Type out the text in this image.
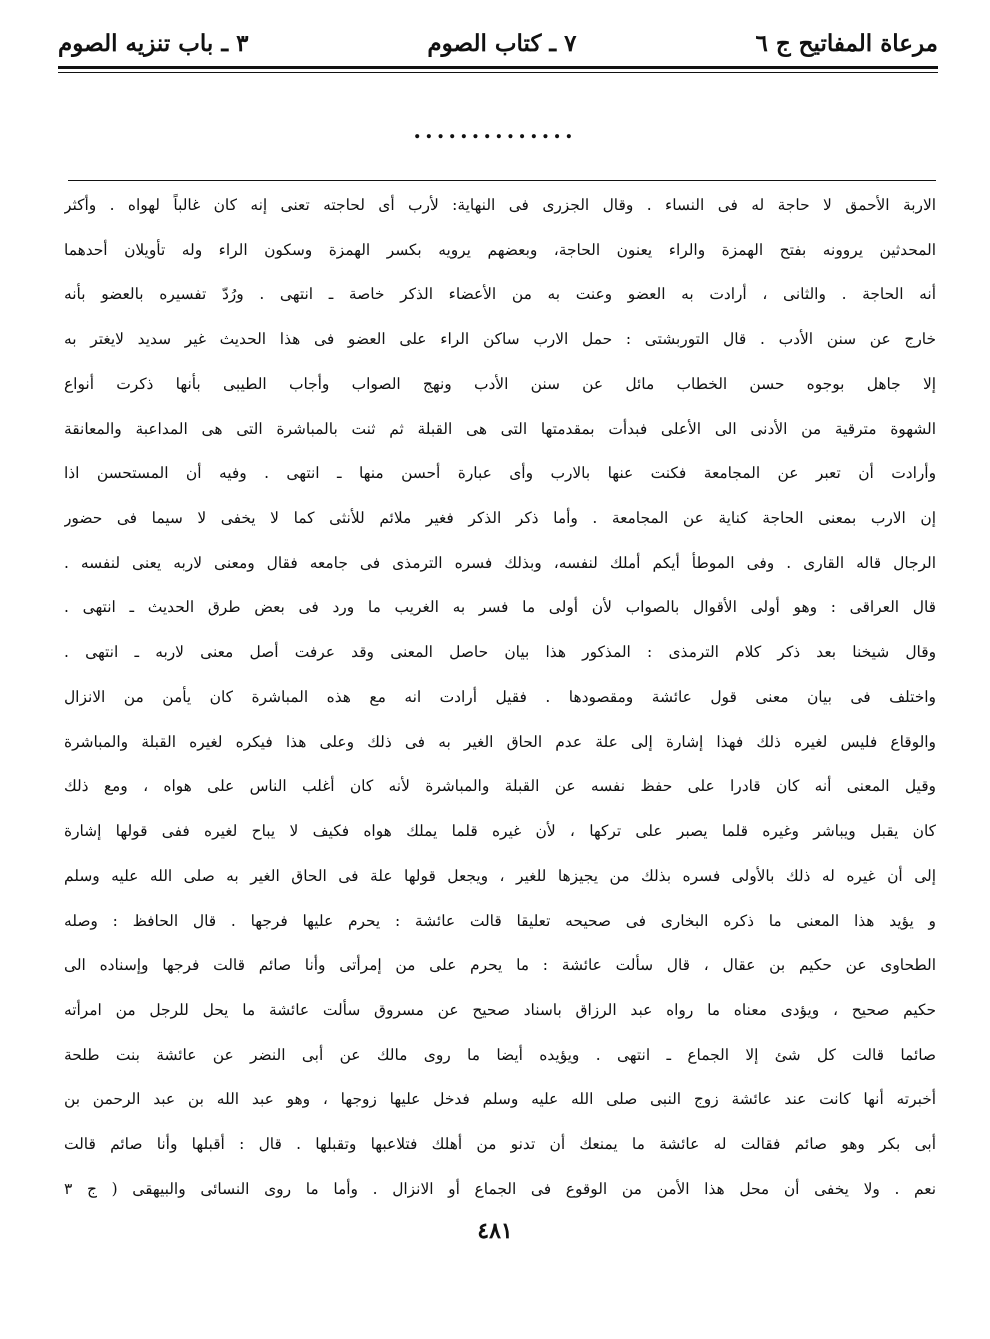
مرعاة المفاتيح ج ٦
٧ ـ كتاب الصوم
٣ ـ باب تنزيه الصوم
..............
الاربة الأحمق لا حاجة له فى النساء . وقال الجزرى فى النهاية: لأرب أى لحاجته تعنى إنه كان غالباً لهواه . وأكثر
المحدثين يروونه بفتح الهمزة والراء يعنون الحاجة، وبعضهم يرويه بكسر الهمزة وسكون الراء وله تأويلان أحدهما
أنه الحاجة . والثانى ، أرادت به العضو وعنت به من الأعضاء الذكر خاصة ـ انتهى . ورُدّ تفسيره بالعضو بأنه
خارج عن سنن الأدب . قال التوربشتى : حمل الارب ساكن الراء على العضو فى هذا الحديث غير سديد لايغتر به
إلا جاهل بوجوه حسن الخطاب مائل عن سنن الأدب ونهج الصواب وأجاب الطيبى بأنها ذكرت أنواع
الشهوة مترقية من الأدنى الى الأعلى فبدأت بمقدمتها التى هى القبلة ثم ثنت بالمباشرة التى هى المداعبة والمعانقة
وأرادت أن تعبر عن المجامعة فكنت عنها بالارب وأى عبارة أحسن منها ـ انتهى . وفيه أن المستحسن اذا
إن الارب بمعنى الحاجة كناية عن المجامعة . وأما ذكر الذكر فغير ملائم للأنثى كما لا يخفى لا سيما فى حضور
الرجال قاله القارى . وفى الموطأ أيكم أملك لنفسه، وبذلك فسره الترمذى فى جامعه فقال ومعنى لاربه يعنى لنفسه .
قال العراقى : وهو أولى الأقوال بالصواب لأن أولى ما فسر به الغريب ما ورد فى بعض طرق الحديث ـ انتهى .
وقال شيخنا بعد ذكر كلام الترمذى : المذكور هذا بيان حاصل المعنى وقد عرفت أصل معنى لاربه ـ انتهى .
واختلف فى بيان معنى قول عائشة ومقصودها . فقيل أرادت انه مع هذه المباشرة كان يأمن من الانزال
والوقاع فليس لغيره ذلك فهذا إشارة إلى علة عدم الحاق الغير به فى ذلك وعلى هذا فيكره لغيره القبلة والمباشرة
وقيل المعنى أنه كان قادرا على حفظ نفسه عن القبلة والمباشرة لأنه كان أغلب الناس على هواه ، ومع ذلك
كان يقبل ويباشر وغيره قلما يصبر على تركها ، لأن غيره قلما يملك هواه فكيف لا يباح لغيره ففى قولها إشارة
إلى أن غيره له ذلك بالأولى فسره بذلك من يجيزها للغير ، ويجعل قولها علة فى الحاق الغير به صلى الله عليه وسلم
و يؤيد هذا المعنى ما ذكره البخارى فى صحيحه تعليقا قالت عائشة : يحرم عليها فرجها . قال الحافظ : وصله
الطحاوى عن حكيم بن عقال ، قال سألت عائشة : ما يحرم على من إمرأتى وأنا صائم قالت فرجها وإسناده الى
حكيم صحيح ، ويؤدى معناه ما رواه عبد الرزاق باسناد صحيح عن مسروق سألت عائشة ما يحل للرجل من امرأته
صائما قالت كل شئ إلا الجماع ـ انتهى . ويؤيده أيضا ما روى مالك عن أبى النضر عن عائشة بنت طلحة
أخبرته أنها كانت عند عائشة زوج النبى صلى الله عليه وسلم فدخل عليها زوجها ، وهو عبد الله بن عبد الرحمن بن
أبى بكر وهو صائم فقالت له عائشة ما يمنعك أن تدنو من أهلك فتلاعبها وتقبلها . قال : أقبلها وأنا صائم قالت
نعم . ولا يخفى أن محل هذا الأمن من الوقوع فى الجماع أو الانزال . وأما ما روى النسائى والبيهقى ( ج ٣
٤٨١
